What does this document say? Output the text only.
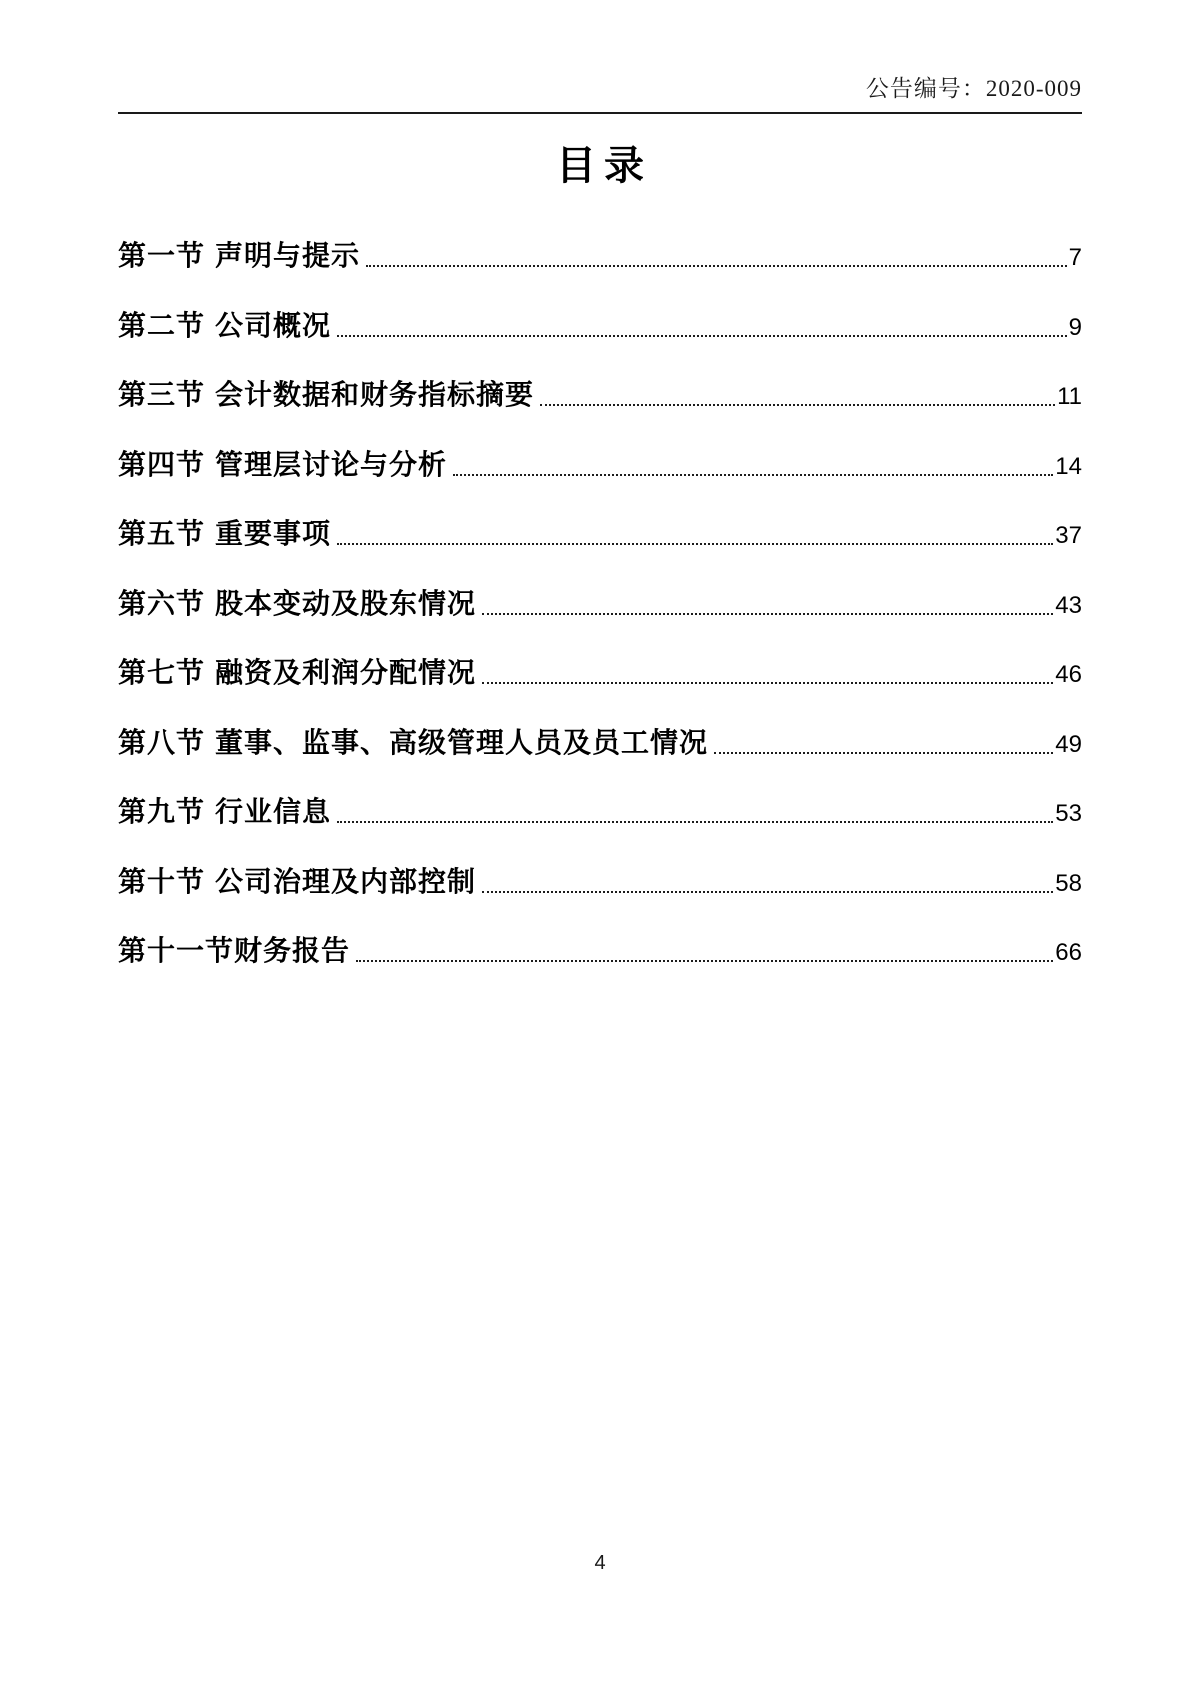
公告编号：2020-009
目录
第一节 声明与提示	7
第二节 公司概况	9
第三节 会计数据和财务指标摘要	11
第四节 管理层讨论与分析	14
第五节 重要事项	37
第六节 股本变动及股东情况	43
第七节 融资及利润分配情况	46
第八节 董事、监事、高级管理人员及员工情况	49
第九节 行业信息	53
第十节 公司治理及内部控制	58
第十一节 财务报告	66
4
